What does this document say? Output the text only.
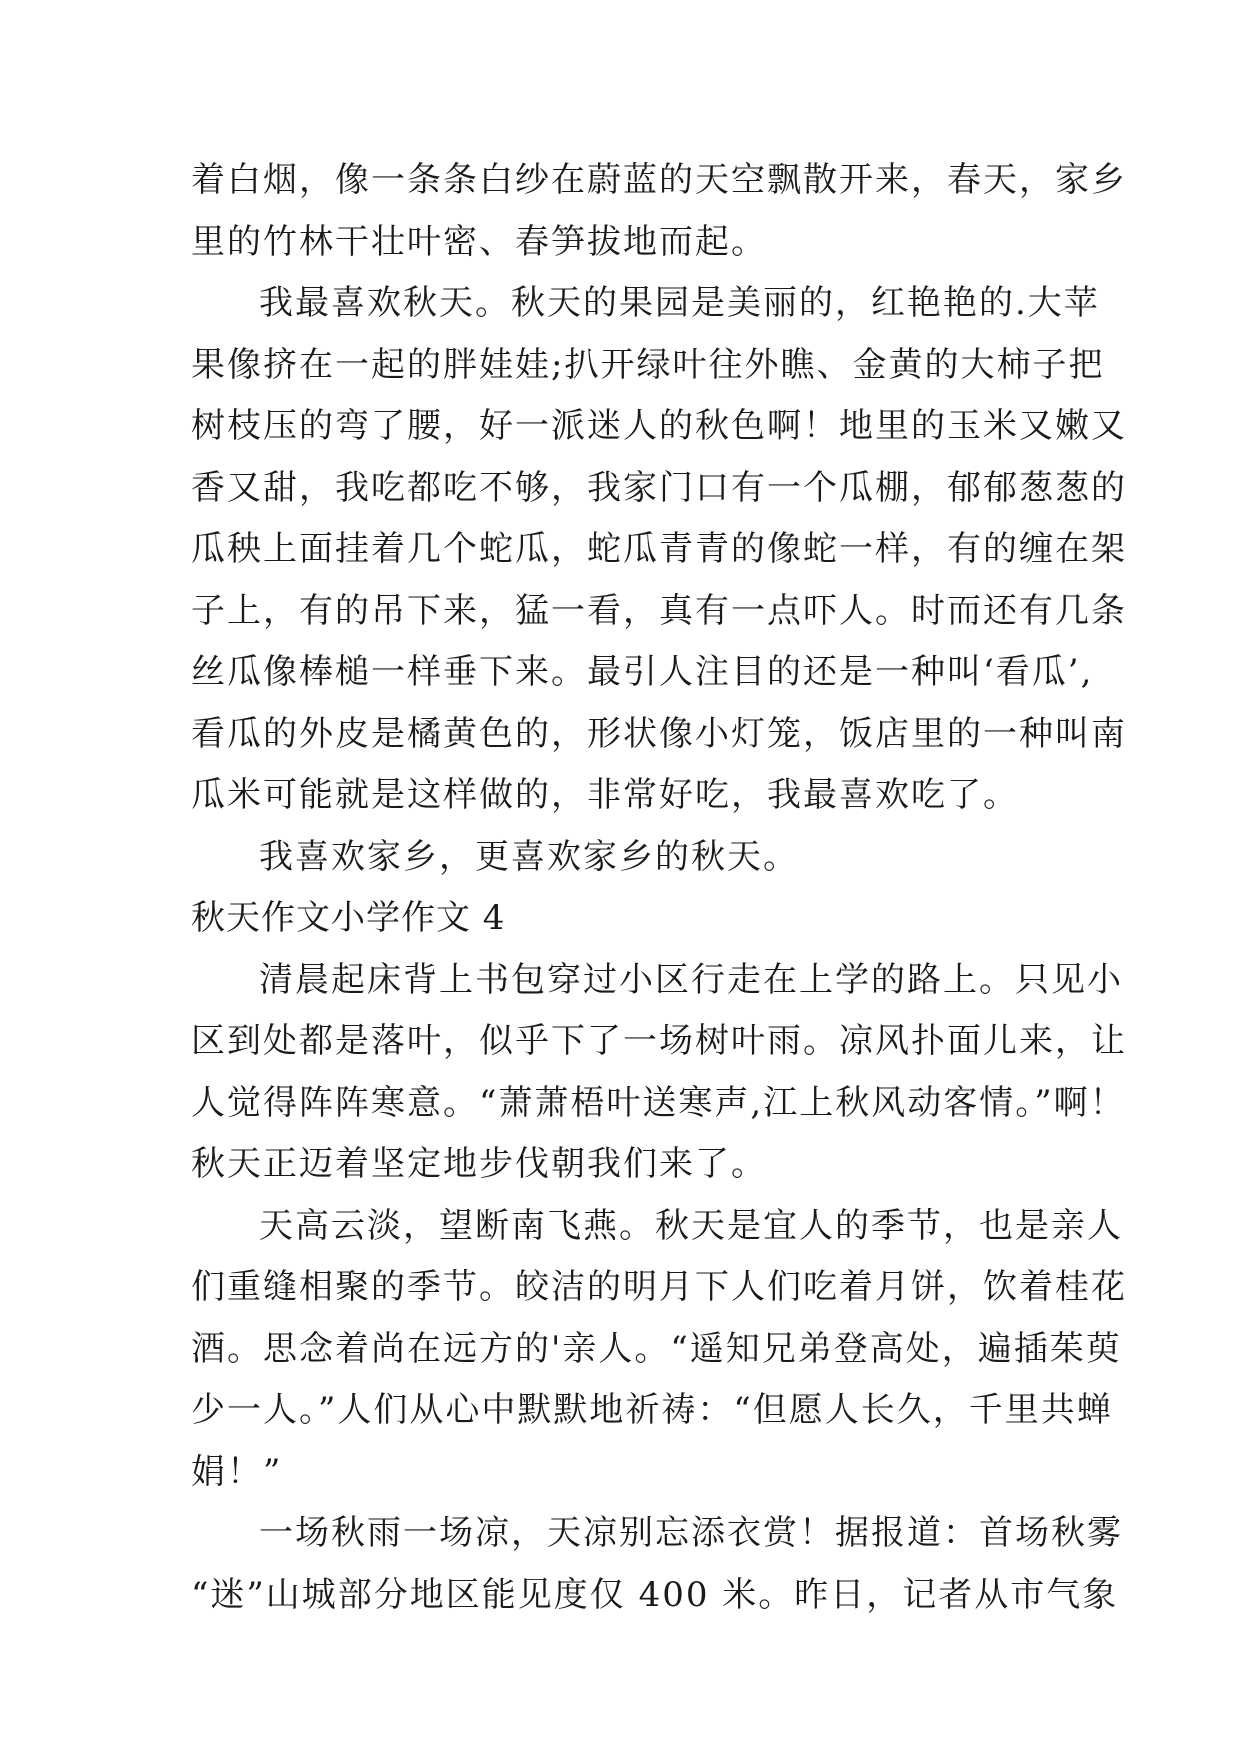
着白烟，像一条条白纱在蔚蓝的天空飘散开来，春天，家乡
里的竹林干壮叶密、春笋拔地而起。
我最喜欢秋天。秋天的果园是美丽的，红艳艳的.大苹
果像挤在一起的胖娃娃;扒开绿叶往外瞧、金黄的大柿子把
树枝压的弯了腰，好一派迷人的秋色啊！地里的玉米又嫩又
香又甜，我吃都吃不够，我家门口有一个瓜棚，郁郁葱葱的
瓜秧上面挂着几个蛇瓜，蛇瓜青青的像蛇一样，有的缠在架
子上，有的吊下来，猛一看，真有一点吓人。时而还有几条
丝瓜像棒槌一样垂下来。最引人注目的还是一种叫‘看瓜’,
看瓜的外皮是橘黄色的，形状像小灯笼，饭店里的一种叫南
瓜米可能就是这样做的，非常好吃，我最喜欢吃了。
我喜欢家乡，更喜欢家乡的秋天。
秋天作文小学作文 4
清晨起床背上书包穿过小区行走在上学的路上。只见小
区到处都是落叶，似乎下了一场树叶雨。凉风扑面儿来，让
人觉得阵阵寒意。“萧萧梧叶送寒声,江上秋风动客情。”啊！
秋天正迈着坚定地步伐朝我们来了。
天高云淡，望断南飞燕。秋天是宜人的季节，也是亲人
们重缝相聚的季节。皎洁的明月下人们吃着月饼，饮着桂花
酒。思念着尚在远方的'亲人。“遥知兄弟登高处，遍插茱萸
少一人。”人们从心中默默地祈祷：“但愿人长久，千里共蝉
娟！”
一场秋雨一场凉，天凉别忘添衣赏！据报道：首场秋雾
“迷”山城部分地区能见度仅 400 米。昨日，记者从市气象
